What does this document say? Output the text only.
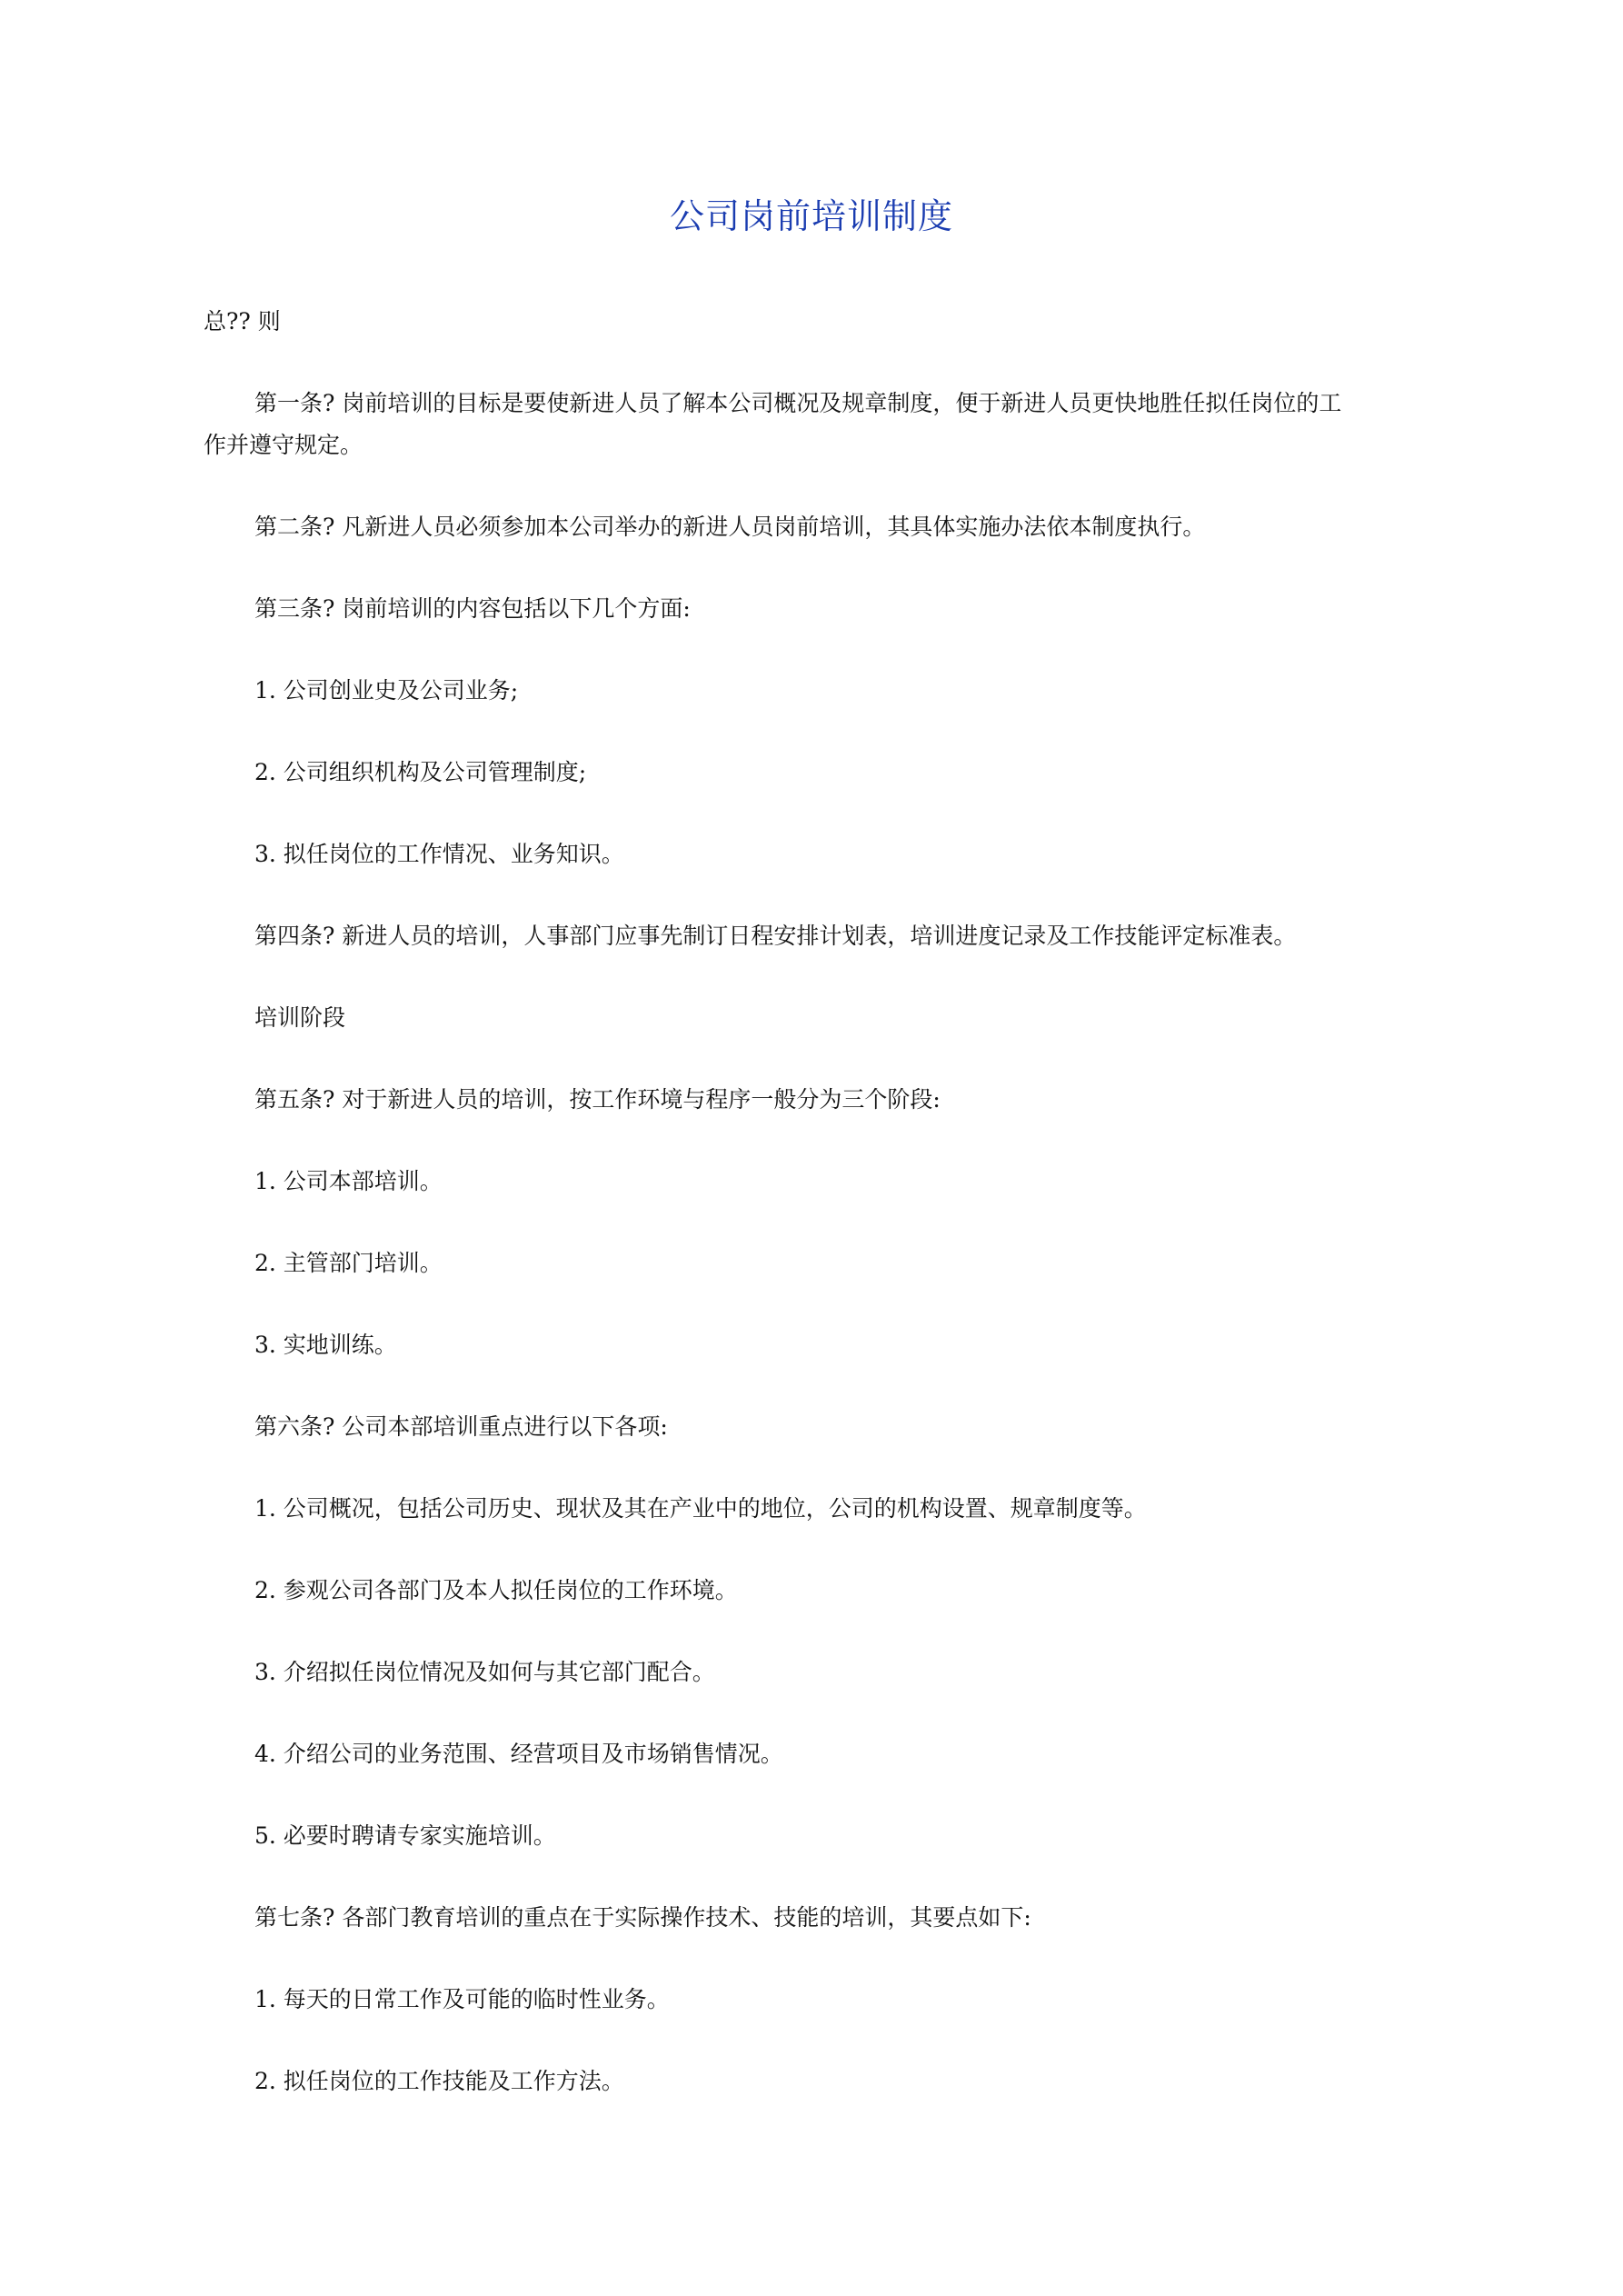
公司岗前培训制度
总?? 则
第一条? 岗前培训的目标是要使新进人员了解本公司概况及规章制度，便于新进人员更快地胜任拟任岗位的工
作并遵守规定。
第二条? 凡新进人员必须参加本公司举办的新进人员岗前培训，其具体实施办法依本制度执行。
第三条? 岗前培训的内容包括以下几个方面:
1. 公司创业史及公司业务;
2. 公司组织机构及公司管理制度;
3. 拟任岗位的工作情况、业务知识。
第四条? 新进人员的培训，人事部门应事先制订日程安排计划表，培训进度记录及工作技能评定标准表。
培训阶段
第五条? 对于新进人员的培训，按工作环境与程序一般分为三个阶段:
1. 公司本部培训。
2. 主管部门培训。
3. 实地训练。
第六条? 公司本部培训重点进行以下各项:
1. 公司概况，包括公司历史、现状及其在产业中的地位，公司的机构设置、规章制度等。
2. 参观公司各部门及本人拟任岗位的工作环境。
3. 介绍拟任岗位情况及如何与其它部门配合。
4. 介绍公司的业务范围、经营项目及市场销售情况。
5. 必要时聘请专家实施培训。
第七条? 各部门教育培训的重点在于实际操作技术、技能的培训，其要点如下:
1. 每天的日常工作及可能的临时性业务。
2. 拟任岗位的工作技能及工作方法。
